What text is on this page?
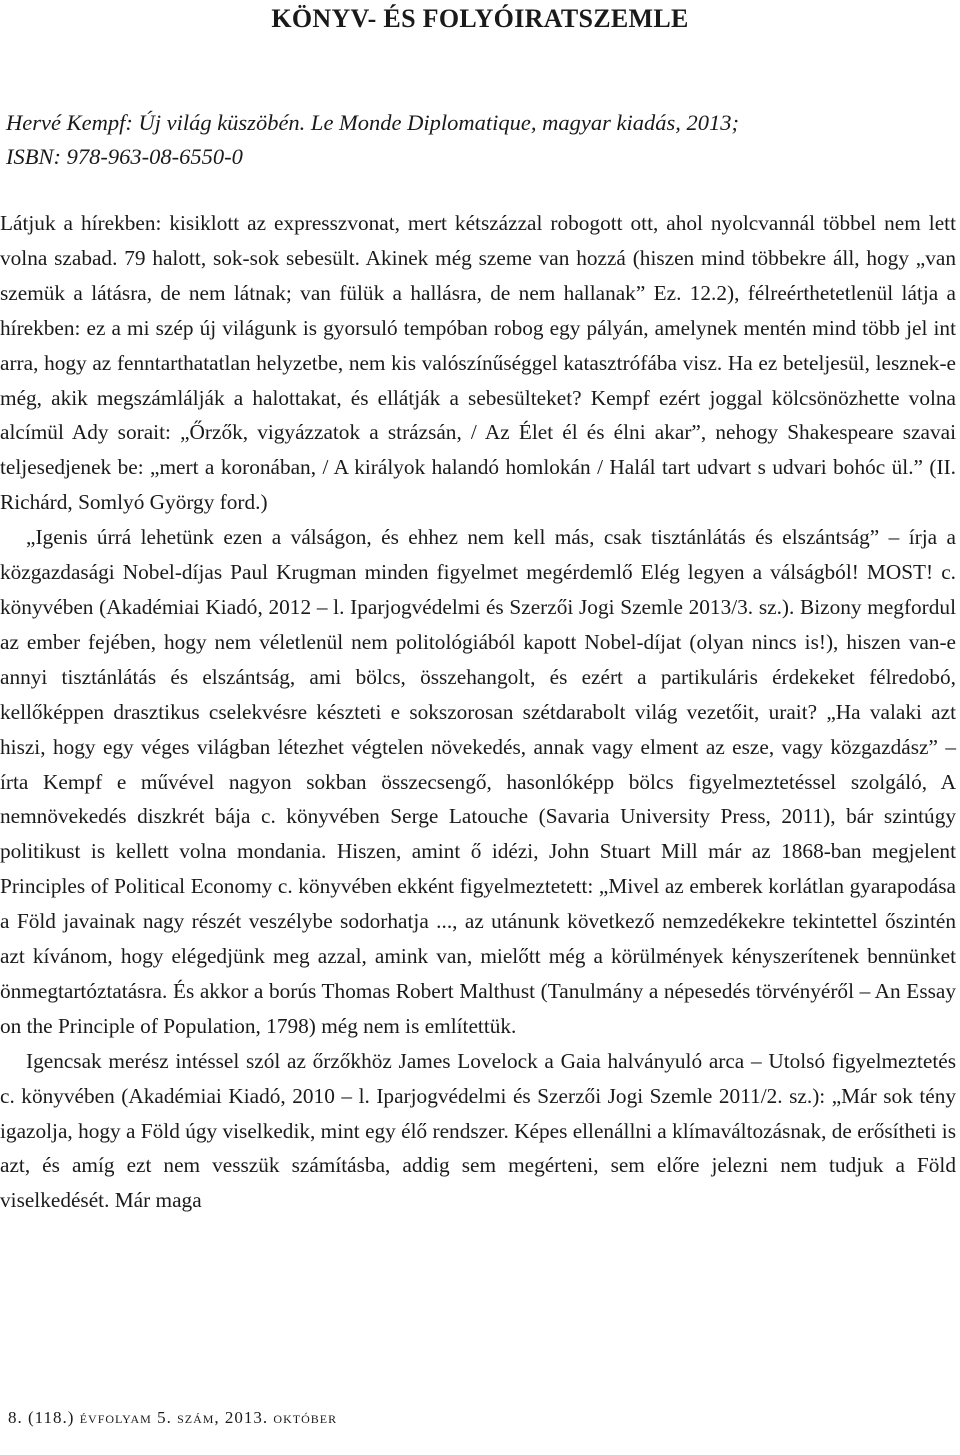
KÖNYV- ÉS FOLYÓIRATSZEMLE

Hervé Kempf: Új világ küszöbén. Le Monde Diplomatique, magyar kiadás, 2013;
ISBN: 978-963-08-6550-0

Látjuk a hírekben: kisiklott az expresszvonat, mert kétszázzal robogott ott, ahol nyolcvannál többel nem lett volna szabad. 79 halott, sok-sok sebesült. Akinek még szeme van hozzá (hiszen mind többekre áll, hogy „van szemük a látásra, de nem látnak; van fülük a hallásra, de nem hallanak” Ez. 12.2), félreérthetetlenül látja a hírekben: ez a mi szép új világunk is gyorsuló tempóban robog egy pályán, amelynek mentén mind több jel int arra, hogy az fenntarthatatlan helyzetbe, nem kis valószínűséggel katasztrófába visz. Ha ez beteljesül, lesznek-e még, akik megszámlálják a halottakat, és ellátják a sebesülteket? Kempf ezért joggal kölcsönözhette volna alcímül Ady sorait: „Őrzők, vigyázzatok a strázsán, / Az Élet él és élni akar”, nehogy Shakespeare szavai teljesedjenek be: „mert a koronában, / A királyok halandó homlokán / Halál tart udvart s udvari bohóc ül.” (II. Richárd, Somlyó György ford.)

„Igenis úrrá lehetünk ezen a válságon, és ehhez nem kell más, csak tisztánlátás és elszántság” – írja a közgazdasági Nobel-díjas Paul Krugman minden figyelmet megérdemlő Elég legyen a válságból! MOST! c. könyvében (Akadémiai Kiadó, 2012 – l. Iparjogvédelmi és Szerzői Jogi Szemle 2013/3. sz.). Bizony megfordul az ember fejében, hogy nem véletlenül nem politológiából kapott Nobel-díjat (olyan nincs is!), hiszen van-e annyi tisztánlátás és elszántság, ami bölcs, összehangolt, és ezért a partikuláris érdekeket félredobó, kellőképpen drasztikus cselekvésre készteti e sokszorosan szétdarabolt világ vezetőit, urait? „Ha valaki azt hiszi, hogy egy véges világban létezhet végtelen növekedés, annak vagy elment az esze, vagy közgazdász” – írta Kempf e művével nagyon sokban összecsengő, hasonlóképp bölcs figyelmeztetéssel szolgáló, A nemnövekedés diszkrét bája c. könyvében Serge Latouche (Savaria University Press, 2011), bár szintúgy politikust is kellett volna mondania. Hiszen, amint ő idézi, John Stuart Mill már az 1868-ban megjelent Principles of Political Economy c. könyvében ekként figyelmeztetett: „Mivel az emberek korlátlan gyarapodása a Föld javainak nagy részét veszélybe sodorhatja ..., az utánunk következő nemzedékekre tekintettel őszintén azt kívánom, hogy elégedjünk meg azzal, amink van, mielőtt még a körülmények kényszerítenek bennünket önmegtartóztatásra. És akkor a borús Thomas Robert Malthust (Tanulmány a népesedés törvényéről – An Essay on the Principle of Population, 1798) még nem is említettük.

Igencsak merész intéssel szól az őrzőkhöz James Lovelock a Gaia halványuló arca – Utolsó figyelmeztetés c. könyvében (Akadémiai Kiadó, 2010 – l. Iparjogvédelmi és Szerzői Jogi Szemle 2011/2. sz.): „Már sok tény igazolja, hogy a Föld úgy viselkedik, mint egy élő rendszer. Képes ellenállni a klímaváltozásnak, de erősítheti is azt, és amíg ezt nem vesszük számításba, addig sem megérteni, sem előre jelezni nem tudjuk a Föld viselkedését. Már maga

8. (118.) évfolyam 5. szám, 2013. október
